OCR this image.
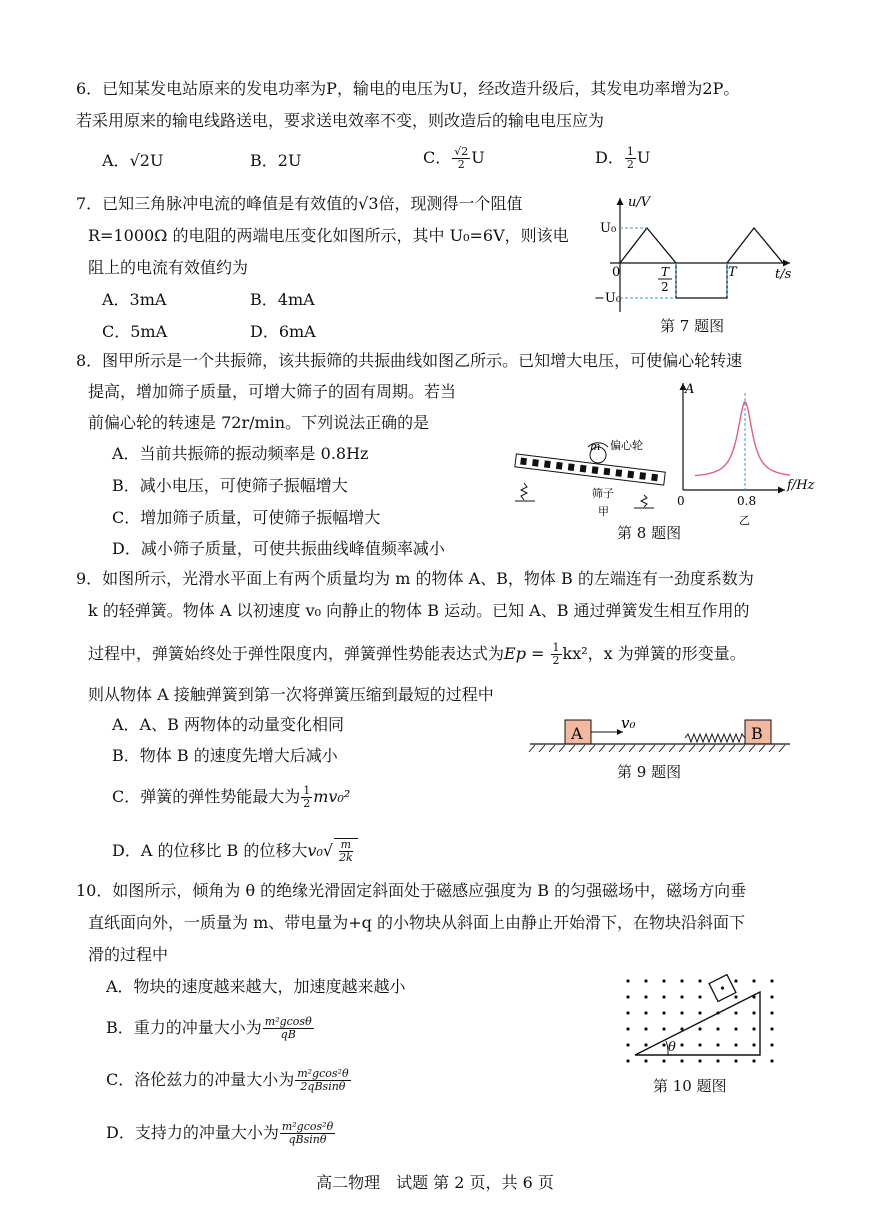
6．已知某发电站原来的发电功率为P，输电的电压为U，经改造升级后，其发电功率增为2P。
若采用原来的输电线路送电，要求送电效率不变，则改造后的输电电压应为
A．√2U	B．2U	C． $\frac{√2}{2}$ U	D． $\frac{1}{2}$ U
7．已知三角脉冲电流的峰值是有效值的√3倍，现测得一个阻值
R=1000Ω 的电阻的两端电压变化如图所示，其中 U₀=6V，则该电
阻上的电流有效值约为
A．3mA	B．4mA
C．5mA	D．6mA
u/V
t/s
U₀
−U₀
0	T
2
T
第 7 题图
8．图甲所示是一个共振筛，该共振筛的共振曲线如图乙所示。已知增大电压，可使偏心轮转速
提高，增加筛子质量，可增大筛子的固有周期。若当
前偏心轮的转速是 72r/min。下列说法正确的是
A．当前共振筛的振动频率是 0.8Hz
B．减小电压，可使筛子振幅增大
C．增加筛子质量，可使筛子振幅增大
D．减小筛子质量，可使共振曲线峰值频率减小
m 偏心轮
筛子
甲
A
f/Hz
0	0.8
乙
第 8 题图
9．如图所示，光滑水平面上有两个质量均为 m 的物体 A、B，物体 B 的左端连有一劲度系数为
k 的轻弹簧。物体 A 以初速度 v₀ 向静止的物体 B 运动。已知 A、B 通过弹簧发生相互作用的
过程中，弹簧始终处于弹性限度内，弹簧弹性势能表达式为$Ep = \frac{1}{2} kx^2$，x 为弹簧的形变量。
则从物体 A 接触弹簧到第一次将弹簧压缩到最短的过程中
A．A、B 两物体的动量变化相同
B．物体 B 的速度先增大后减小
C．弹簧的弹性势能最大为 $\frac{1}{2} mv_0^2$
D．A 的位移比 B 的位移大$v_0√ \frac{m}{2k}$
A
v₀
B
第 9 题图
10．如图所示，倾角为 θ 的绝缘光滑固定斜面处于磁感应强度为 B 的匀强磁场中，磁场方向垂
直纸面向外，一质量为 m、带电量为+q 的小物块从斜面上由静止开始滑下，在物块沿斜面下
滑的过程中
A．物块的速度越来越大，加速度越来越小
B．重力的冲量大小为 $\frac{\text{m²gcosθ}}{qB}$
C．洛伦兹力的冲量大小为 $\frac{\text{m²gcos²θ}}{2qBsin\theta}$
D．支持力的冲量大小为 $\frac{\text{m²gcos²θ}}{qBsin\theta}$
θ
第 10 题图
高二物理　试题 第 2 页，共 6 页
